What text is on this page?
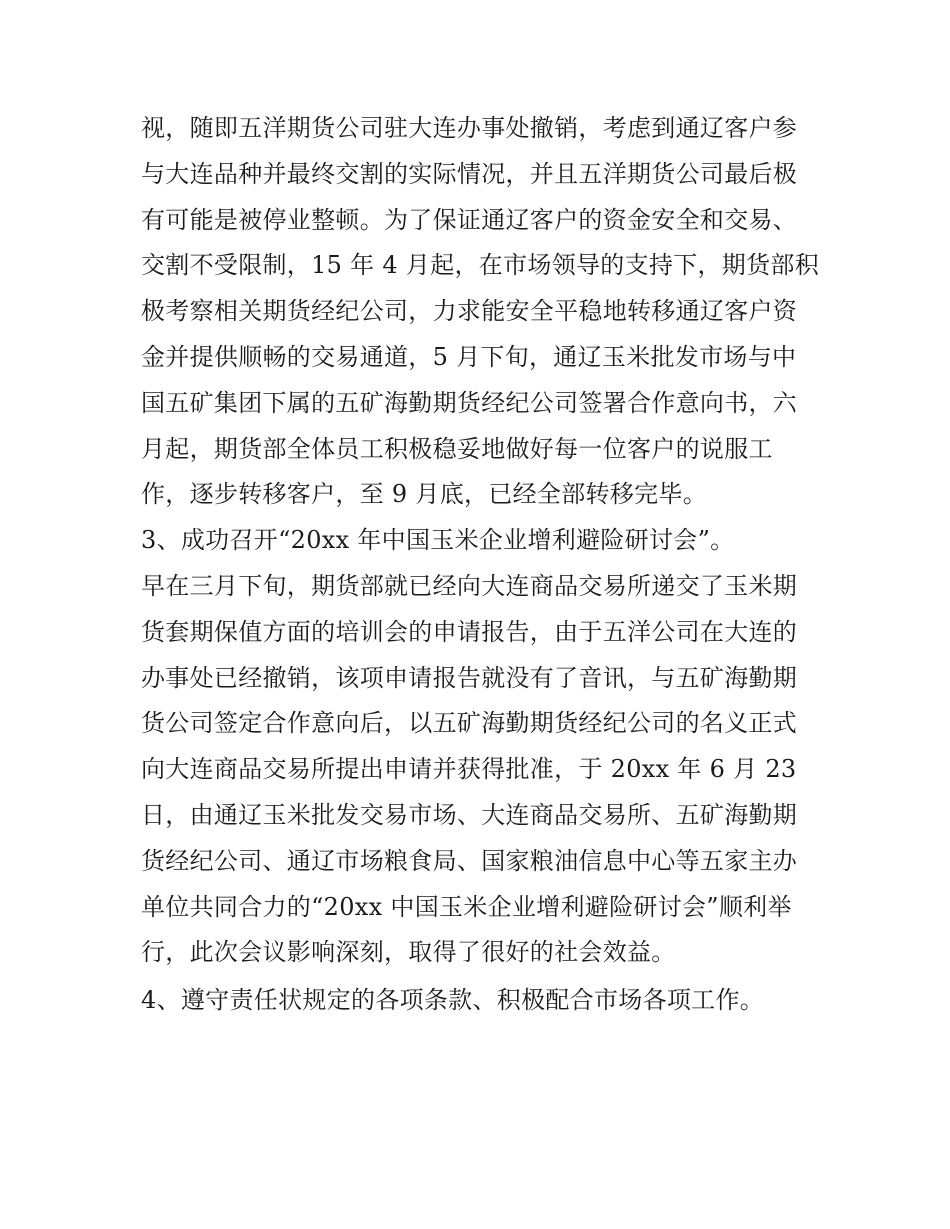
视，随即五洋期货公司驻大连办事处撤销，考虑到通辽客户参
与大连品种并最终交割的实际情况，并且五洋期货公司最后极
有可能是被停业整顿。为了保证通辽客户的资金安全和交易、
交割不受限制，15 年 4 月起，在市场领导的支持下，期货部积
极考察相关期货经纪公司，力求能安全平稳地转移通辽客户资
金并提供顺畅的交易通道，5 月下旬，通辽玉米批发市场与中
国五矿集团下属的五矿海勤期货经纪公司签署合作意向书，六
月起，期货部全体员工积极稳妥地做好每一位客户的说服工
作，逐步转移客户，至 9 月底，已经全部转移完毕。
3、成功召开“20xx 年中国玉米企业增利避险研讨会”。
早在三月下旬，期货部就已经向大连商品交易所递交了玉米期
货套期保值方面的培训会的申请报告，由于五洋公司在大连的
办事处已经撤销，该项申请报告就没有了音讯，与五矿海勤期
货公司签定合作意向后，以五矿海勤期货经纪公司的名义正式
向大连商品交易所提出申请并获得批准，于 20xx 年 6 月 23
日，由通辽玉米批发交易市场、大连商品交易所、五矿海勤期
货经纪公司、通辽市场粮食局、国家粮油信息中心等五家主办
单位共同合力的“20xx 中国玉米企业增利避险研讨会”顺利举
行，此次会议影响深刻，取得了很好的社会效益。
4、遵守责任状规定的各项条款、积极配合市场各项工作。
